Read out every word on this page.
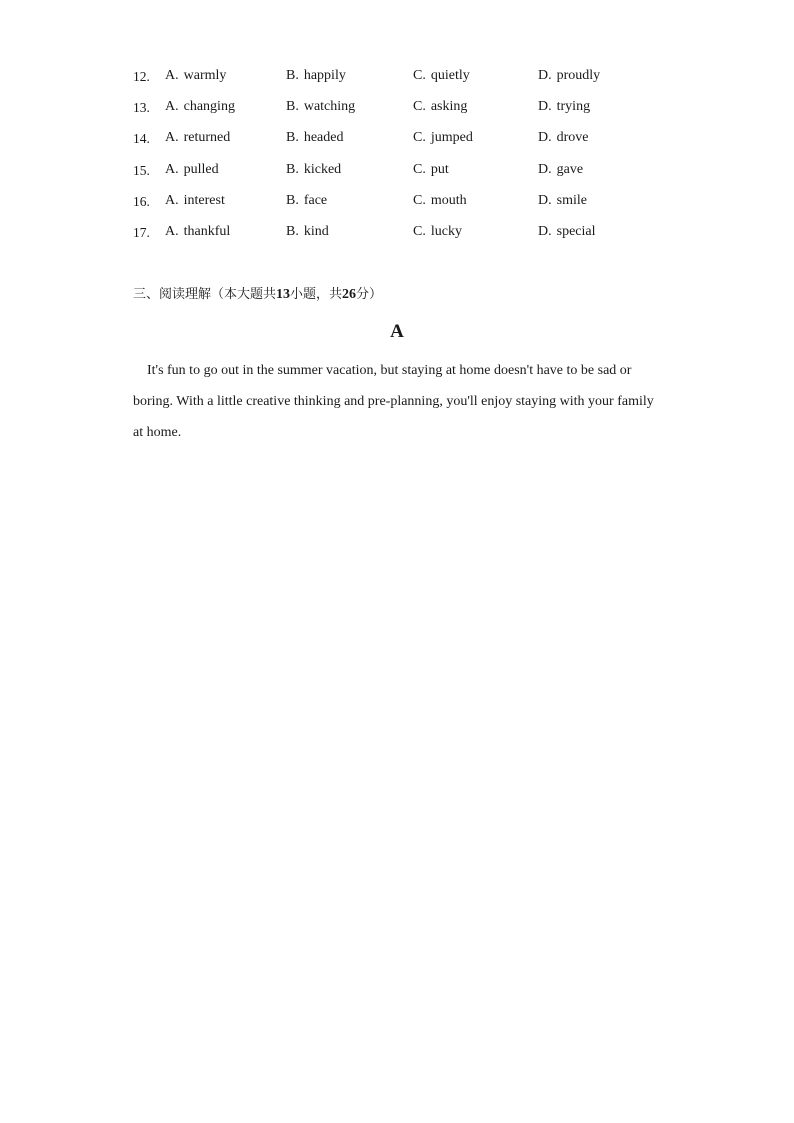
12. A. warmly	B. happily	C. quietly	D. proudly
13. A. changing	B. watching	C. asking	D. trying
14. A. returned	B. headed	C. jumped	D. drove
15. A. pulled	B. kicked	C. put	D. gave
16. A. interest	B. face	C. mouth	D. smile
17. A. thankful	B. kind	C. lucky	D. special
三、阅读理解（本大题共13小题，共26分）
A

It's fun to go out in the summer vacation, but staying at home doesn't have to be sad or boring. With a little creative thinking and pre-planning, you'll enjoy staying with your family at home.
